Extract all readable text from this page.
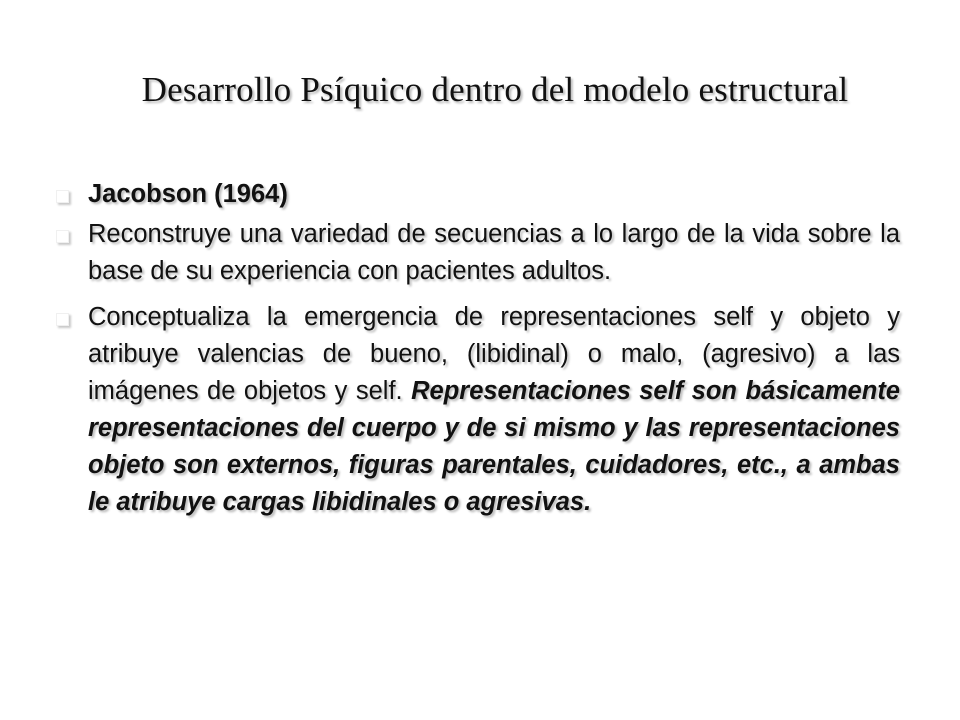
Desarrollo Psíquico dentro del modelo estructural
Jacobson (1964)
Reconstruye una variedad de secuencias a lo largo de la vida sobre la base de su experiencia con pacientes adultos.
Conceptualiza la emergencia de representaciones self y objeto y atribuye valencias de bueno, (libidinal) o malo, (agresivo) a las imágenes de objetos y self. Representaciones self son básicamente representaciones del cuerpo y de si mismo y las representaciones objeto son externos, figuras parentales, cuidadores, etc., a ambas le atribuye cargas libidinales o agresivas.
